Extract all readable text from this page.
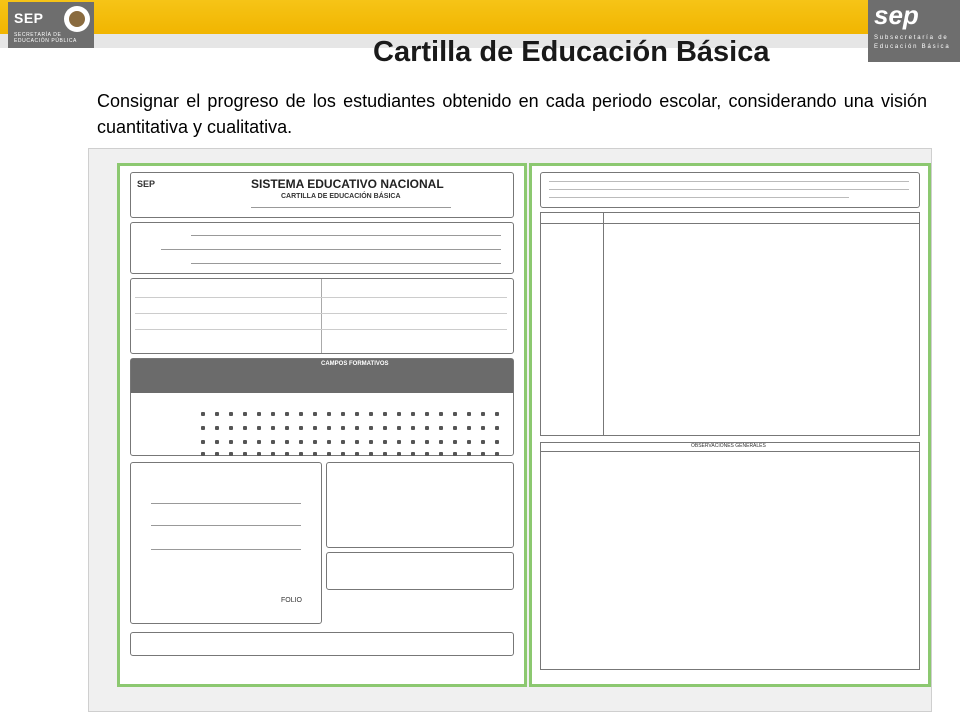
SEP
SECRETARÍA DE EDUCACIÓN PÚBLICA
sep
Subsecretaría de Educación Básica
Cartilla de Educación Básica
Consignar el progreso de los estudiantes obtenido en cada periodo escolar, considerando una visión cuantitativa y cualitativa.
SEP	SISTEMA EDUCATIVO NACIONAL
CARTILLA DE EDUCACIÓN BÁSICA
CAMPOS FORMATIVOS
FOLIO
OBSERVACIONES GENERALES
